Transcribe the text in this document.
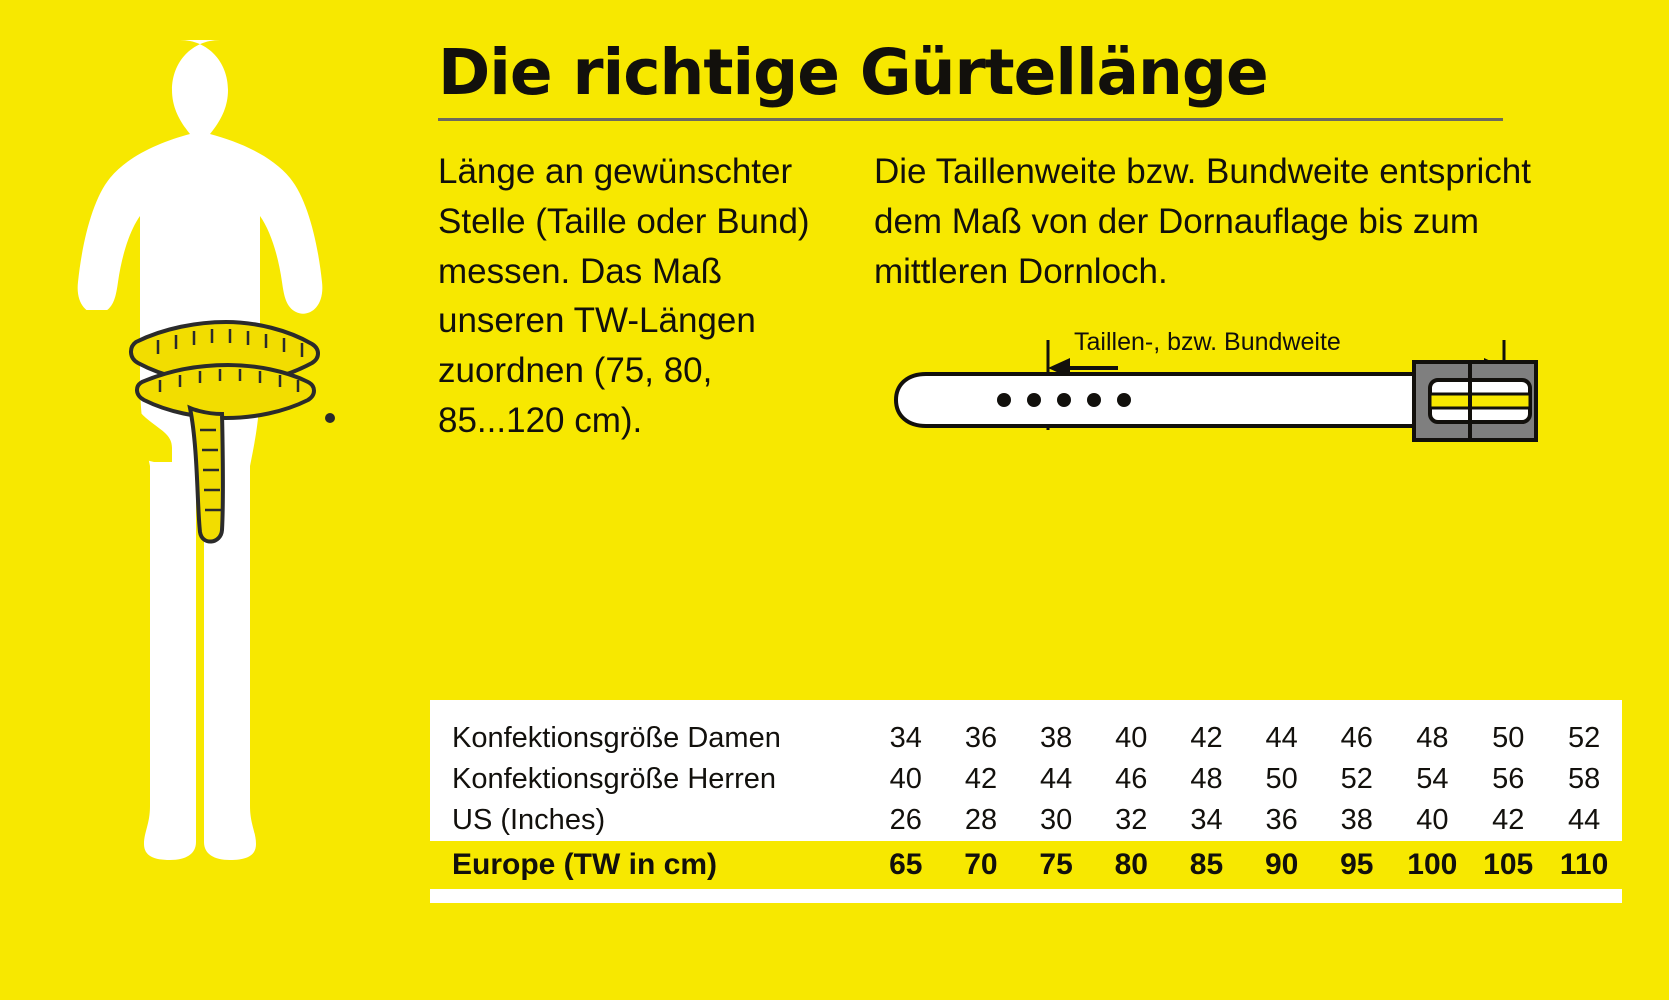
Die richtige Gürtellänge

Länge an gewünschter Stelle (Taille oder Bund) messen. Das Maß unseren TW-Längen zuordnen (75, 80, 85...120 cm).

Die Taillenweite bzw. Bundweite entspricht dem Maß von der Dornauflage bis zum mittleren Dornloch.

Taillen-, bzw. Bundweite
Konfektionsgröße Damen	34	36	38	40	42	44	46	48	50	52
Konfektionsgröße Herren	40	42	44	46	48	50	52	54	56	58
US (Inches)	26	28	30	32	34	36	38	40	42	44
Europe (TW in cm)	65	70	75	80	85	90	95	100	105	110
